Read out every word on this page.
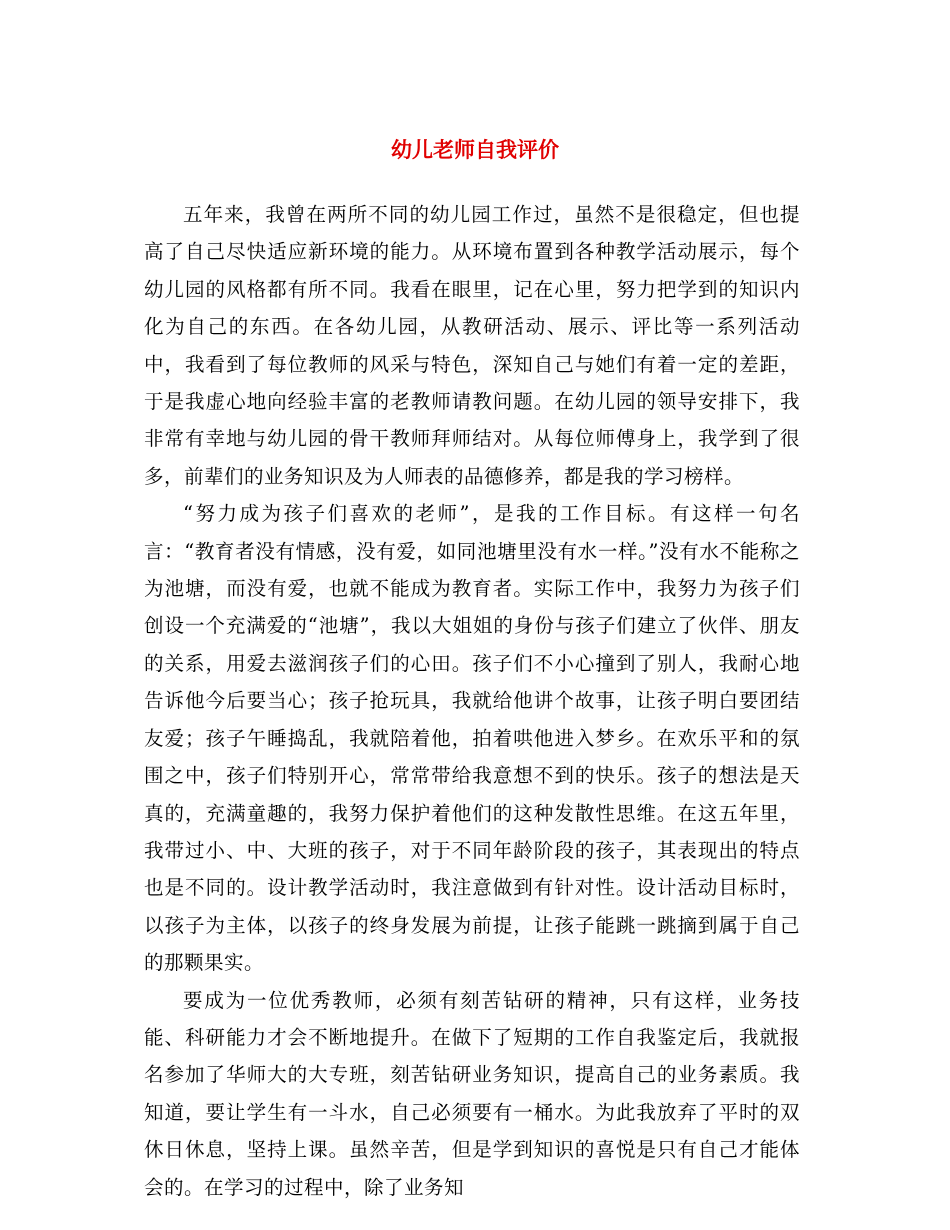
幼儿老师自我评价

五年来，我曾在两所不同的幼儿园工作过，虽然不是很稳定，但也提高了自己尽快适应新环境的能力。从环境布置到各种教学活动展示，每个幼儿园的风格都有所不同。我看在眼里，记在心里，努力把学到的知识内化为自己的东西。在各幼儿园，从教研活动、展示、评比等一系列活动中，我看到了每位教师的风采与特色，深知自己与她们有着一定的差距，于是我虚心地向经验丰富的老教师请教问题。在幼儿园的领导安排下，我非常有幸地与幼儿园的骨干教师拜师结对。从每位师傅身上，我学到了很多，前辈们的业务知识及为人师表的品德修养，都是我的学习榜样。

“努力成为孩子们喜欢的老师”，是我的工作目标。有这样一句名言：“教育者没有情感，没有爱，如同池塘里没有水一样。”没有水不能称之为池塘，而没有爱，也就不能成为教育者。实际工作中，我努力为孩子们创设一个充满爱的“池塘”，我以大姐姐的身份与孩子们建立了伙伴、朋友的关系，用爱去滋润孩子们的心田。孩子们不小心撞到了别人，我耐心地告诉他今后要当心；孩子抢玩具，我就给他讲个故事，让孩子明白要团结友爱；孩子午睡捣乱，我就陪着他，拍着哄他进入梦乡。在欢乐平和的氛围之中，孩子们特别开心，常常带给我意想不到的快乐。孩子的想法是天真的，充满童趣的，我努力保护着他们的这种发散性思维。在这五年里，我带过小、中、大班的孩子，对于不同年龄阶段的孩子，其表现出的特点也是不同的。设计教学活动时，我注意做到有针对性。设计活动目标时，以孩子为主体，以孩子的终身发展为前提，让孩子能跳一跳摘到属于自己的那颗果实。

要成为一位优秀教师，必须有刻苦钻研的精神，只有这样，业务技能、科研能力才会不断地提升。在做下了短期的工作自我鉴定后，我就报名参加了华师大的大专班，刻苦钻研业务知识，提高自己的业务素质。我知道，要让学生有一斗水，自己必须要有一桶水。为此我放弃了平时的双休日休息，坚持上课。虽然辛苦，但是学到知识的喜悦是只有自己才能体会的。在学习的过程中，除了业务知
